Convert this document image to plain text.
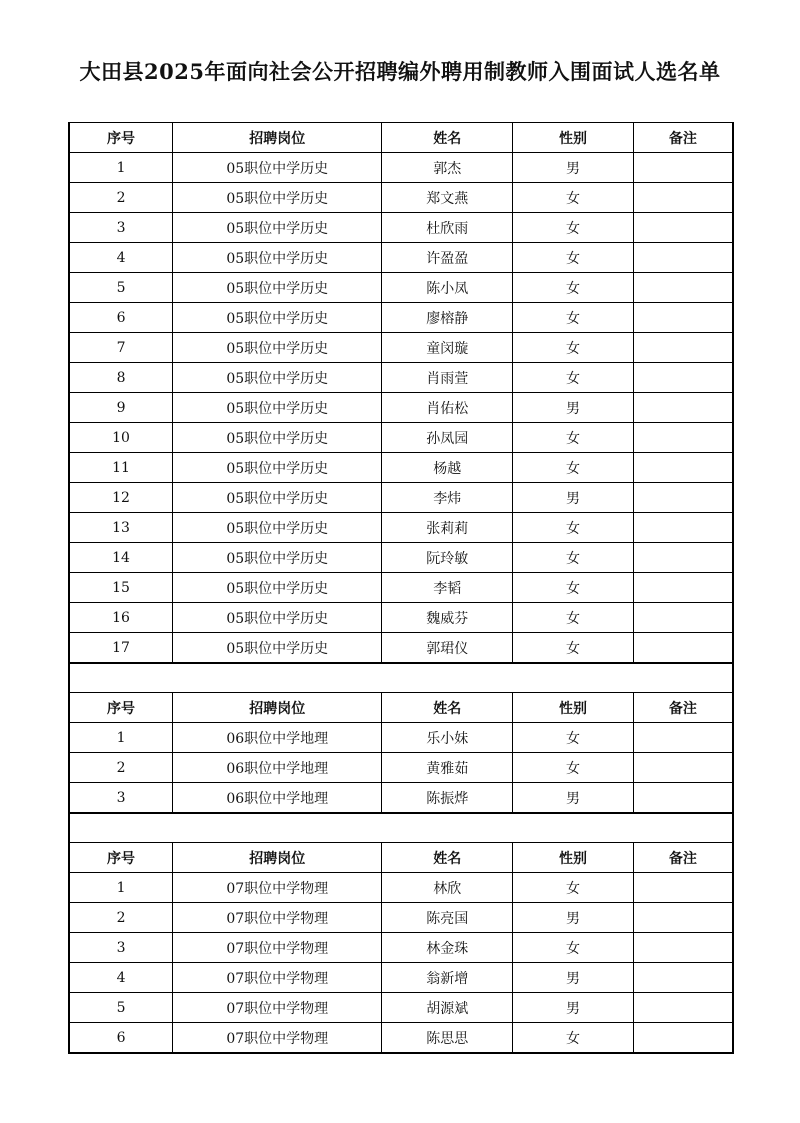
大田县2025年面向社会公开招聘编外聘用制教师入围面试人选名单
序号	招聘岗位	姓名	性别	备注
1	05职位中学历史	郭杰	男	
2	05职位中学历史	郑文燕	女	
3	05职位中学历史	杜欣雨	女	
4	05职位中学历史	许盈盈	女	
5	05职位中学历史	陈小凤	女	
6	05职位中学历史	廖榕静	女	
7	05职位中学历史	童闵璇	女	
8	05职位中学历史	肖雨萱	女	
9	05职位中学历史	肖佑松	男	
10	05职位中学历史	孙凤园	女	
11	05职位中学历史	杨越	女	
12	05职位中学历史	李炜	男	
13	05职位中学历史	张莉莉	女	
14	05职位中学历史	阮玲敏	女	
15	05职位中学历史	李韬	女	
16	05职位中学历史	魏威芬	女	
17	05职位中学历史	郭珺仪	女	
序号	招聘岗位	姓名	性别	备注
1	06职位中学地理	乐小妹	女	
2	06职位中学地理	黄雅茹	女	
3	06职位中学地理	陈振烨	男	
序号	招聘岗位	姓名	性别	备注
1	07职位中学物理	林欣	女	
2	07职位中学物理	陈亮国	男	
3	07职位中学物理	林金珠	女	
4	07职位中学物理	翁新增	男	
5	07职位中学物理	胡源斌	男	
6	07职位中学物理	陈思思	女	
